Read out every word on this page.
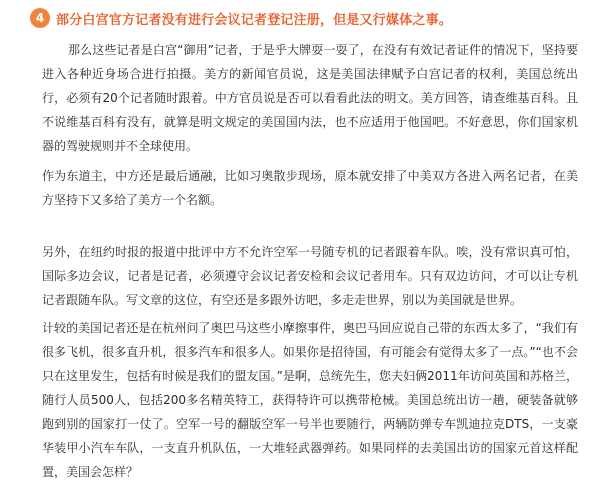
4 部分白宫官方记者没有进行会议记者登记注册，但是又行媒体之事。

那么这些记者是白宫“御用”记者，于是乎大牌耍一耍了，在没有有效记者证件的情况下，坚持要进入各种近身场合进行拍摄。美方的新闻官员说，这是美国法律赋予白宫记者的权利，美国总统出行，必须有20个记者随时跟着。中方官员说是否可以看看此法的明文。美方回答，请查维基百科。且不说维基百科有没有，就算是明文规定的美国国内法，也不应适用于他国吧。不好意思，你们国家机器的驾驶规则并不全球使用。

作为东道主，中方还是最后通融，比如习奥散步现场，原本就安排了中美双方各进入两名记者，在美方坚持下又多给了美方一个名额。

另外，在纽约时报的报道中批评中方不允许空军一号随专机的记者跟着车队。唉，没有常识真可怕，国际多边会议，记者是记者，必须遵守会议记者安检和会议记者用车。只有双边访问，才可以让专机记者跟随车队。写文章的这位，有空还是多跟外访吧，多走走世界，别以为美国就是世界。

计较的美国记者还是在杭州问了奥巴马这些小摩擦事件，奥巴马回应说自己带的东西太多了，“我们有很多飞机，很多直升机，很多汽车和很多人。如果你是招待国，有可能会有觉得太多了一点。”“也不会只在这里发生，包括有时候是我们的盟友国。”是啊，总统先生，您夫妇俩2011年访问英国和苏格兰，随行人员500人，包括200多名精英特工，获得特许可以携带枪械。美国总统出访一趟，硬装备就够跑到别的国家打一仗了。空军一号的翻版空军一号半也要随行，两辆防弹专车凯迪拉克DTS，一支豪华装甲小汽车车队，一支直升机队伍，一大堆轻武器弹药。如果同样的去美国出访的国家元首这样配置，美国会怎样？
